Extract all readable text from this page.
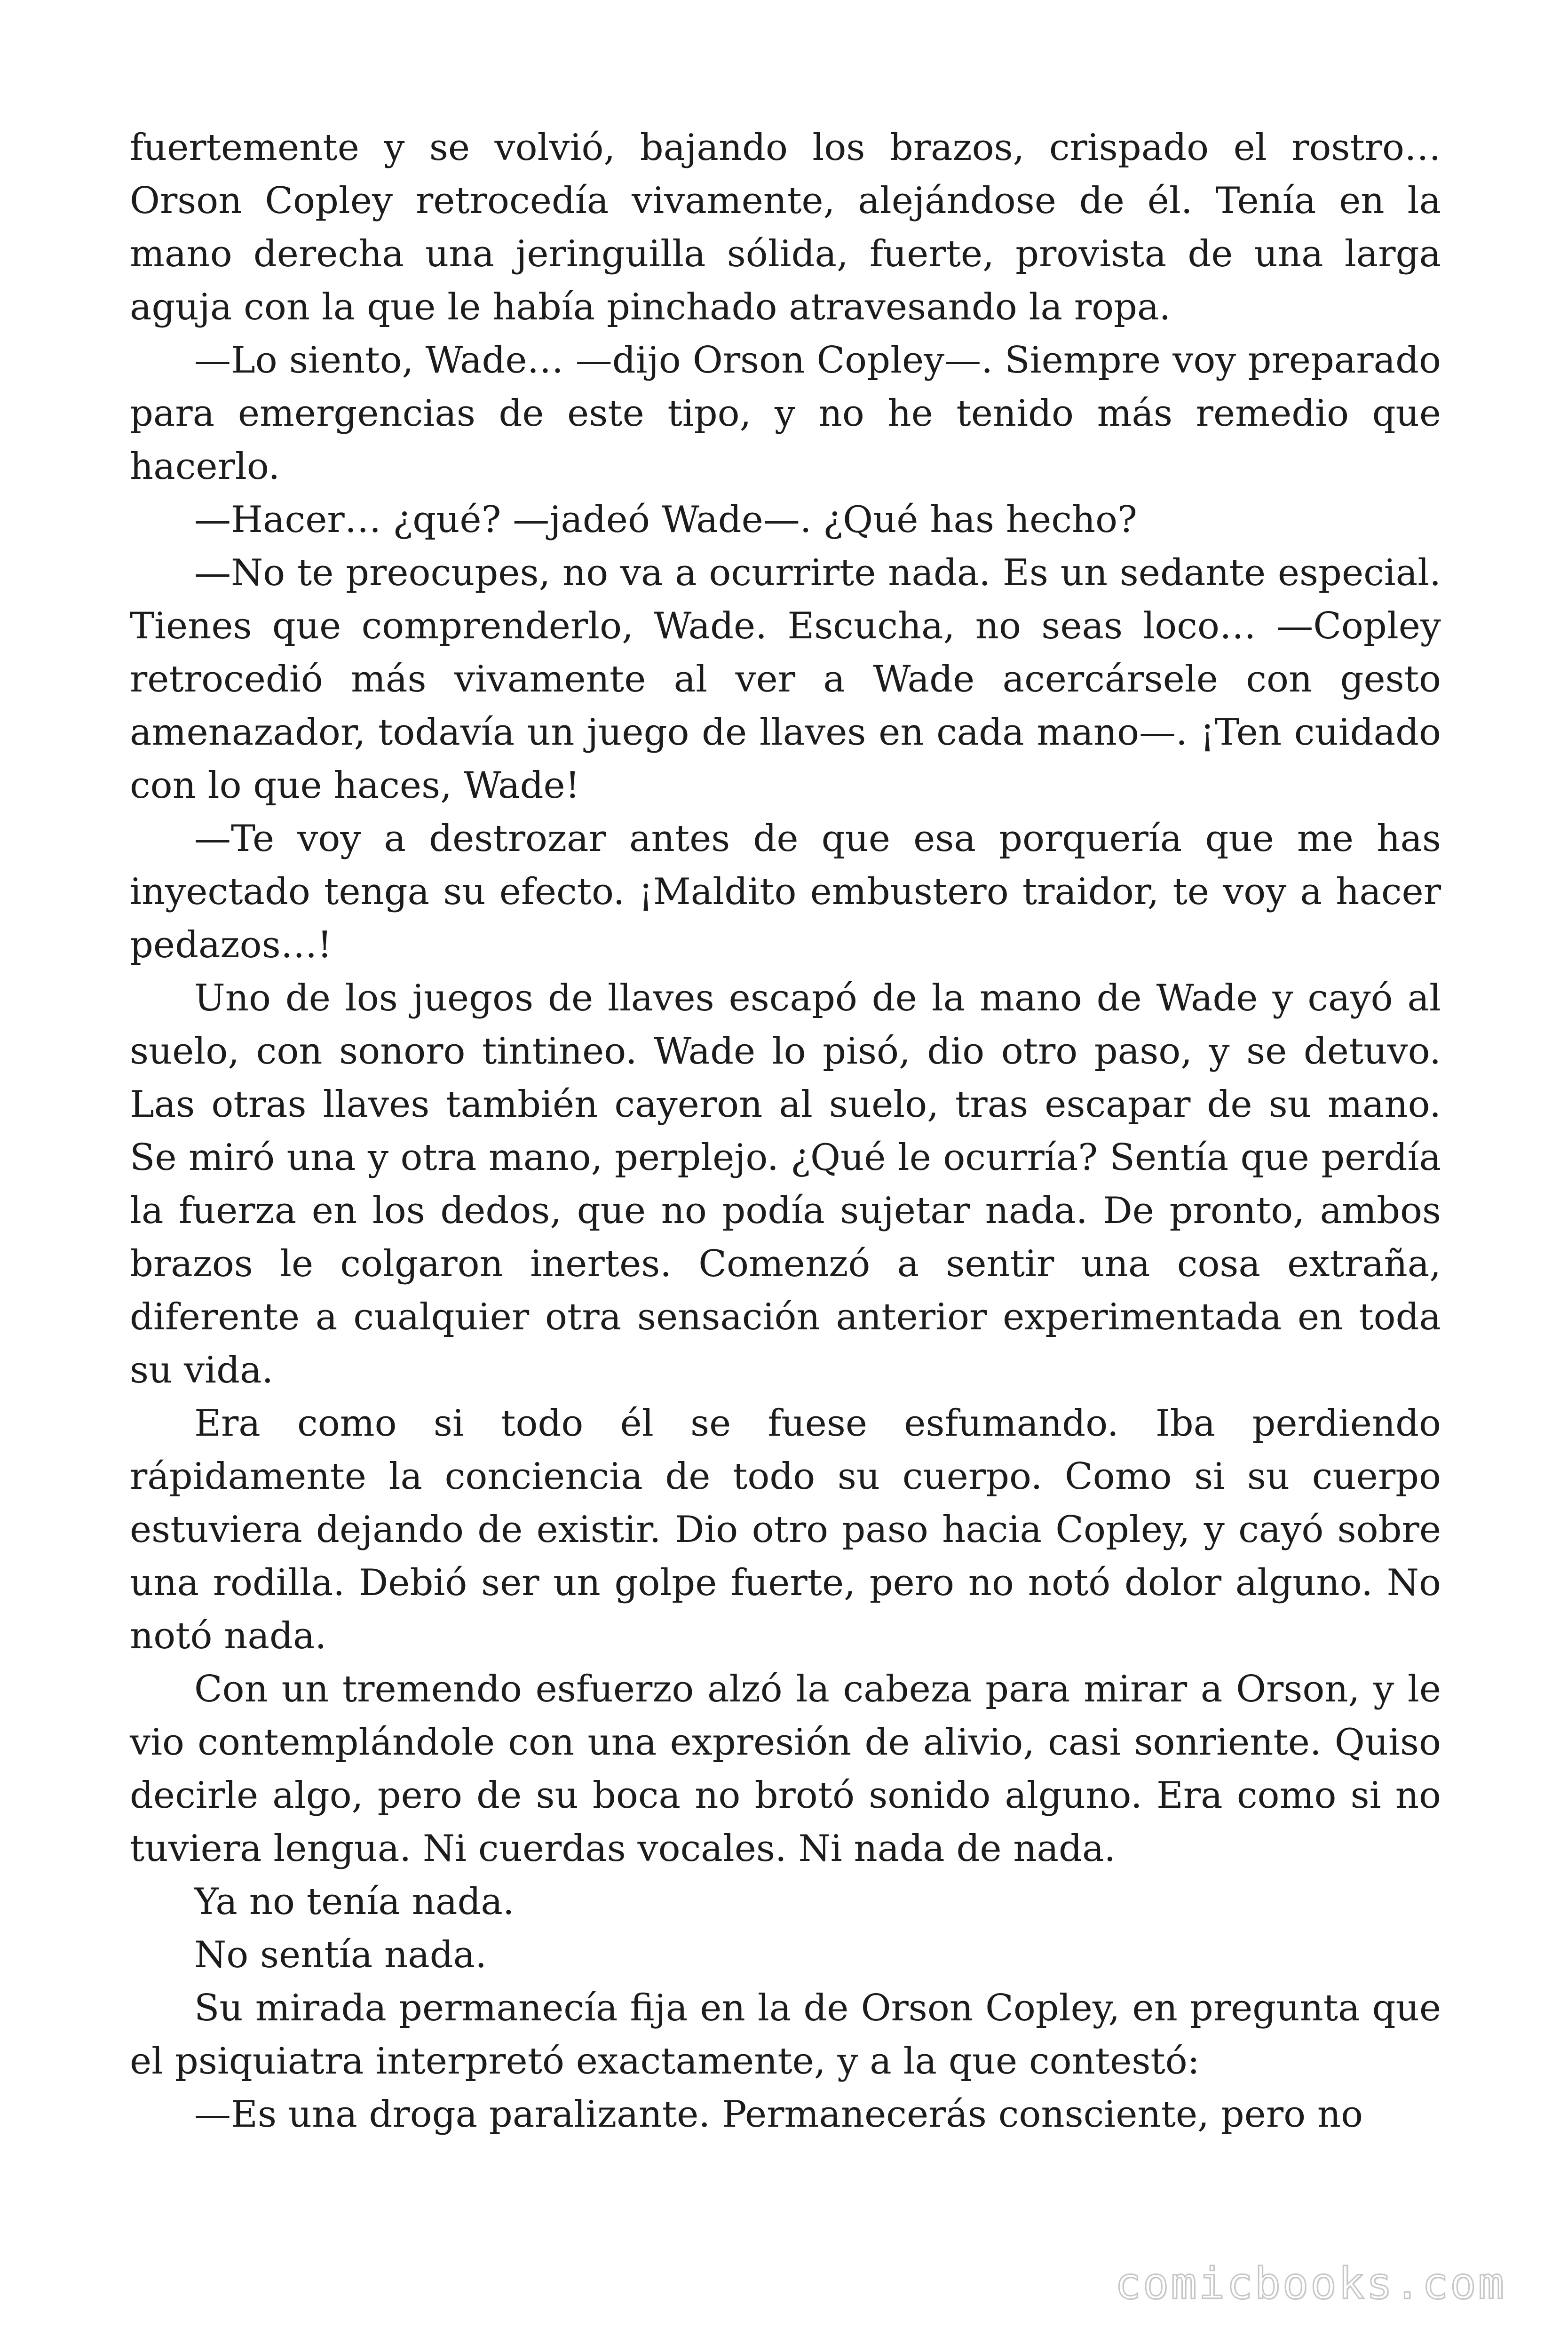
fuertemente y se volvió, bajando los brazos, crispado el rostro… Orson Copley retrocedía vivamente, alejándose de él. Tenía en la mano derecha una jeringuilla sólida, fuerte, provista de una larga aguja con la que le había pinchado atravesando la ropa.

—Lo siento, Wade… —dijo Orson Copley—. Siempre voy preparado para emergencias de este tipo, y no he tenido más remedio que hacerlo.

—Hacer… ¿qué? —jadeó Wade—. ¿Qué has hecho?

—No te preocupes, no va a ocurrirte nada. Es un sedante especial. Tienes que comprenderlo, Wade. Escucha, no seas loco… —Copley retrocedió más vivamente al ver a Wade acercársele con gesto amenazador, todavía un juego de llaves en cada mano—. ¡Ten cuidado con lo que haces, Wade!

—Te voy a destrozar antes de que esa porquería que me has inyectado tenga su efecto. ¡Maldito embustero traidor, te voy a hacer pedazos…!

Uno de los juegos de llaves escapó de la mano de Wade y cayó al suelo, con sonoro tintineo. Wade lo pisó, dio otro paso, y se detuvo. Las otras llaves también cayeron al suelo, tras escapar de su mano. Se miró una y otra mano, perplejo. ¿Qué le ocurría? Sentía que perdía la fuerza en los dedos, que no podía sujetar nada. De pronto, ambos brazos le colgaron inertes. Comenzó a sentir una cosa extraña, diferente a cualquier otra sensación anterior experimentada en toda su vida.

Era como si todo él se fuese esfumando. Iba perdiendo rápidamente la conciencia de todo su cuerpo. Como si su cuerpo estuviera dejando de existir. Dio otro paso hacia Copley, y cayó sobre una rodilla. Debió ser un golpe fuerte, pero no notó dolor alguno. No notó nada.

Con un tremendo esfuerzo alzó la cabeza para mirar a Orson, y le vio contemplándole con una expresión de alivio, casi sonriente. Quiso decirle algo, pero de su boca no brotó sonido alguno. Era como si no tuviera lengua. Ni cuerdas vocales. Ni nada de nada.

Ya no tenía nada.

No sentía nada.

Su mirada permanecía fija en la de Orson Copley, en pregunta que el psiquiatra interpretó exactamente, y a la que contestó:

—Es una droga paralizante. Permanecerás consciente, pero no

comicbooks.com
